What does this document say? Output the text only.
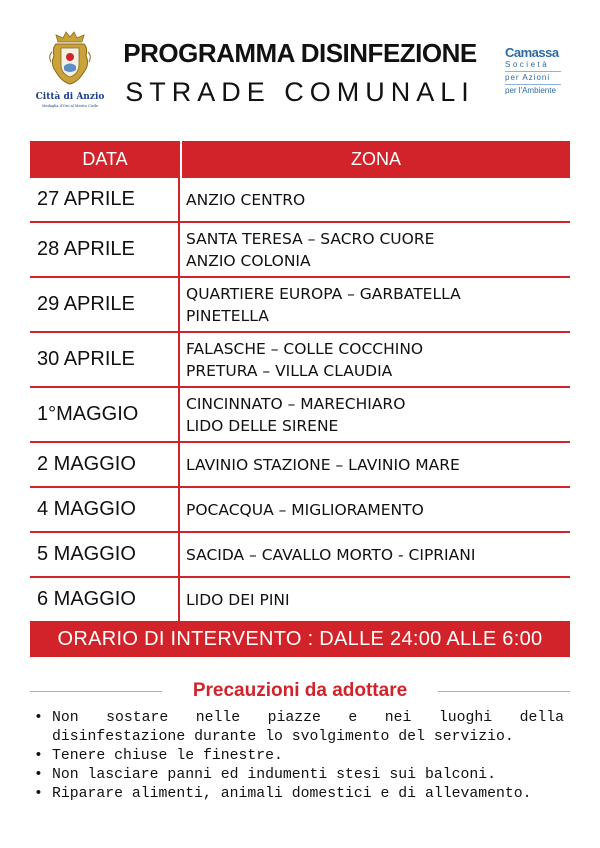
Città di Anzio
Medaglia d'Oro al Merito Civile
PROGRAMMA DISINFEZIONE
STRADE COMUNALI
Camassa
Società
per Azioni
per l'Ambiente
DATA	ZONA
27 APRILE	ANZIO CENTRO
28 APRILE	SANTA TERESA – SACRO CUORE
ANZIO COLONIA
29 APRILE	QUARTIERE EUROPA – GARBATELLA
PINETELLA
30 APRILE	FALASCHE – COLLE COCCHINO
PRETURA – VILLA CLAUDIA
1°MAGGIO	CINCINNATO – MARECHIARO
LIDO DELLE SIRENE
2 MAGGIO	LAVINIO STAZIONE – LAVINIO MARE
4 MAGGIO	POCACQUA – MIGLIORAMENTO
5 MAGGIO	SACIDA – CAVALLO MORTO - CIPRIANI
6 MAGGIO	LIDO DEI PINI
ORARIO DI INTERVENTO : DALLE 24:00 ALLE 6:00
Precauzioni da adottare
• Non sostare nelle piazze e nei luoghi della disinfestazione durante lo svolgimento del servizio.
• Tenere chiuse le finestre.
• Non lasciare panni ed indumenti stesi sui balconi.
• Riparare alimenti, animali domestici e di allevamento.
